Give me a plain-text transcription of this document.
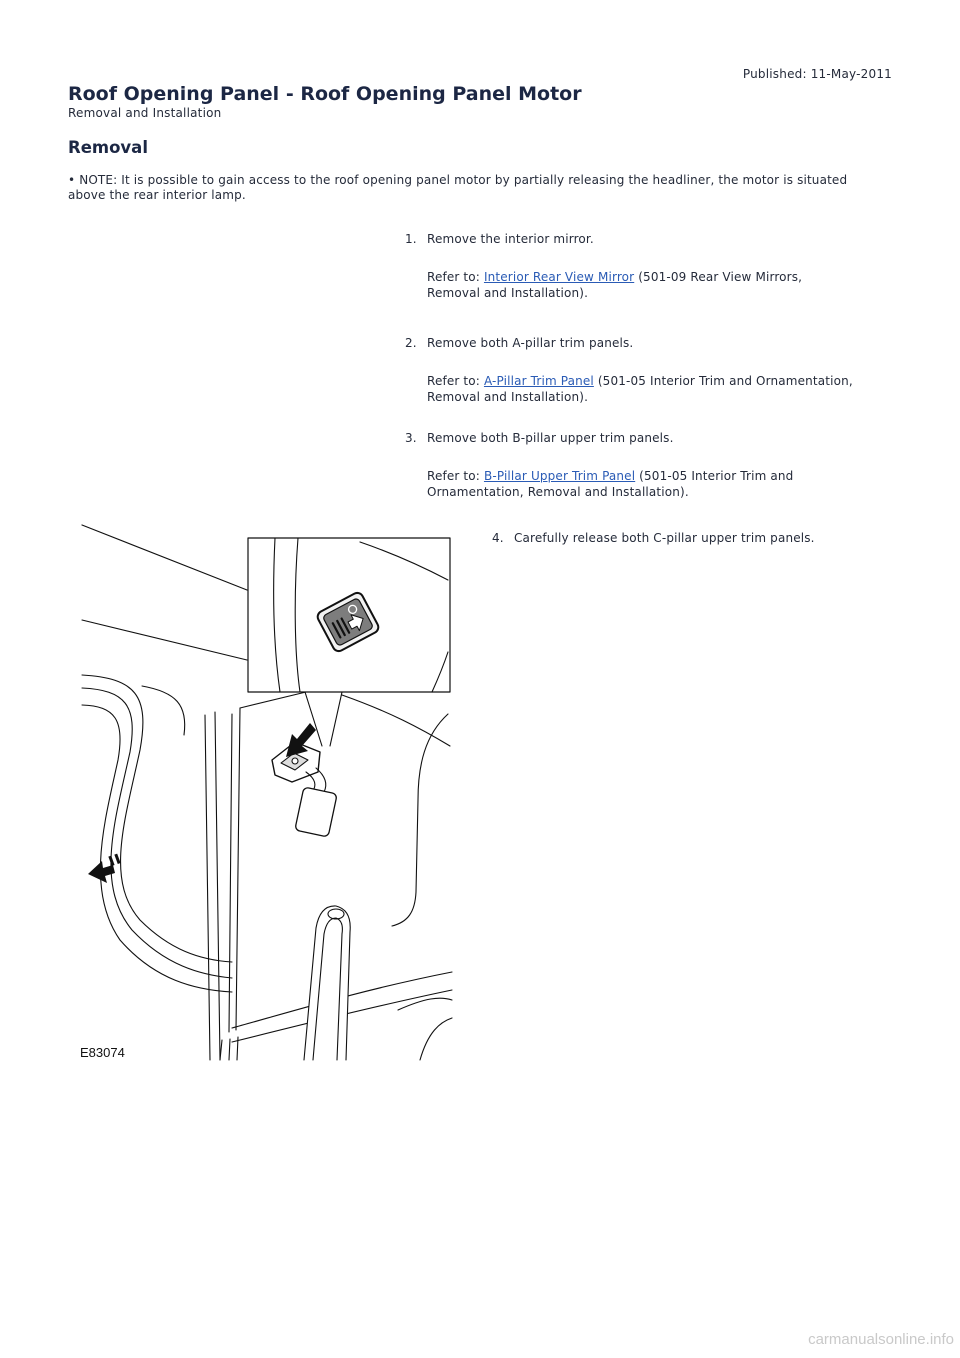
Published: 11-May-2011
Roof Opening Panel - Roof Opening Panel Motor
Removal and Installation
Removal
• NOTE: It is possible to gain access to the roof opening panel motor by partially releasing the headliner, the motor is situated above the rear interior lamp.
1. Remove the interior mirror.

Refer to: Interior Rear View Mirror (501-09 Rear View Mirrors, Removal and Installation).

2. Remove both A-pillar trim panels.

Refer to: A-Pillar Trim Panel (501-05 Interior Trim and Ornamentation, Removal and Installation).

3. Remove both B-pillar upper trim panels.

Refer to: B-Pillar Upper Trim Panel (501-05 Interior Trim and Ornamentation, Removal and Installation).

4. Carefully release both C-pillar upper trim panels.

E83074
carmanualsonline.info
